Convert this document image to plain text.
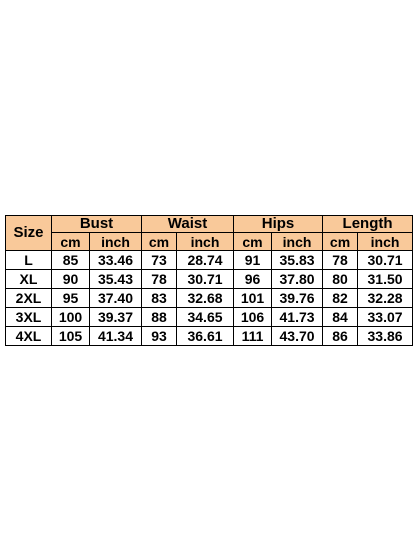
Size	Bust		Waist		Hips		Length	
	cm	inch	cm	inch	cm	inch	cm	inch
L	85	33.46	73	28.74	91	35.83	78	30.71
XL	90	35.43	78	30.71	96	37.80	80	31.50
2XL	95	37.40	83	32.68	101	39.76	82	32.28
3XL	100	39.37	88	34.65	106	41.73	84	33.07
4XL	105	41.34	93	36.61	111	43.70	86	33.86
